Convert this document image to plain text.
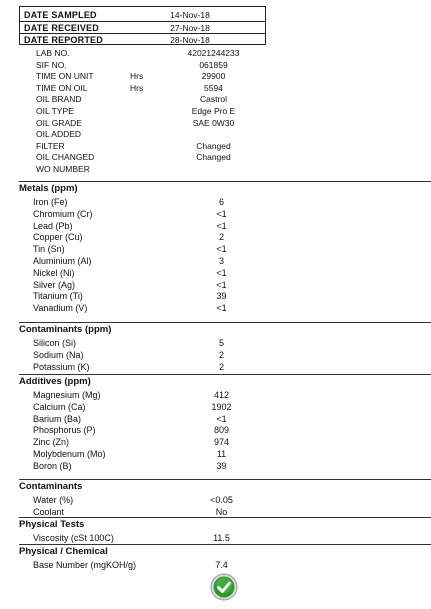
DATE SAMPLED	14-Nov-18
DATE RECEIVED	27-Nov-18
DATE REPORTED	28-Nov-18
LAB NO.	42021244233
SIF NO.	061859
TIME ON UNIT	Hrs	29900
TIME ON OIL	Hrs	5594
OIL BRAND	Castrol
OIL TYPE	Edge Pro E
OIL GRADE	SAE 0W30
OIL ADDED
FILTER	Changed
OIL CHANGED	Changed
WO NUMBER
Metals (ppm)
Iron (Fe)	6
Chromium (Cr)	<1
Lead (Pb)	<1
Copper (Cu)	2
Tin (Sn)	<1
Aluminium (Al)	3
Nickel (Ni)	<1
Silver (Ag)	<1
Titanium (Ti)	39
Vanadium (V)	<1
Contaminants (ppm)
Silicon (Si)	5
Sodium (Na)	2
Potassium (K)	2
Additives (ppm)
Magnesium (Mg)	412
Calcium (Ca)	1902
Barium (Ba)	<1
Phosphorus (P)	809
Zinc (Zn)	974
Molybdenum (Mo)	11
Boron (B)	39
Contaminants
Water (%)	<0.05
Coolant	No
Physical Tests
Viscosity (cSt 100C)	11.5
Physical / Chemical
Base Number (mgKOH/g)	7.4
